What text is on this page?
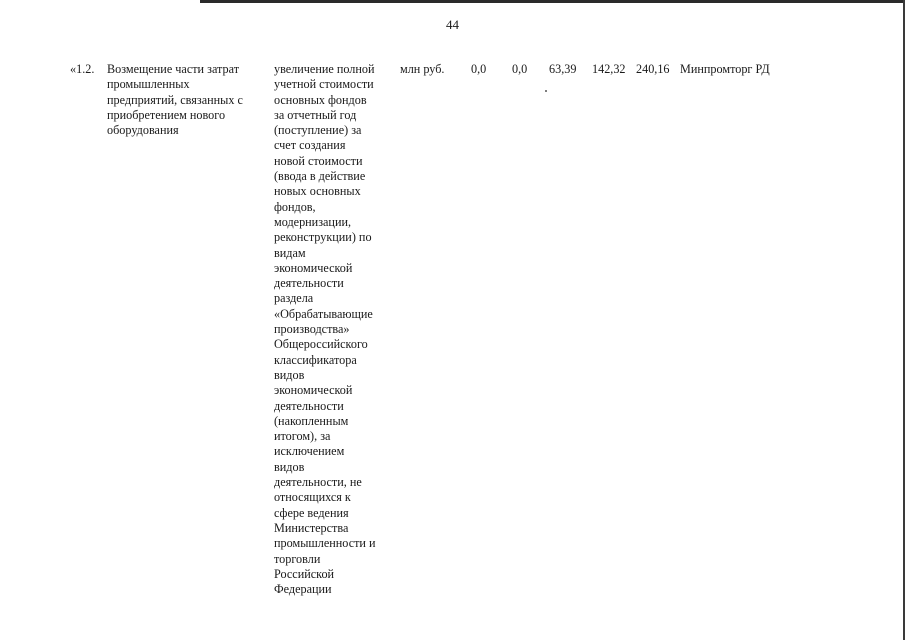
44
«1.2. Возмещение части затрат
промышленных
предприятий, связанных с
приобретением нового
оборудования
увеличение полной
учетной стоимости
основных фондов
за отчетный год
(поступление) за
счет создания
новой стоимости
(ввода в действие
новых основных
фондов,
модернизации,
реконструкции) по
видам
экономической
деятельности
раздела
«Обрабатывающие
производства»
Общероссийского
классификатора
видов
экономической
деятельности
(накопленным
итогом), за
исключением
видов
деятельности, не
относящихся к
сфере ведения
Министерства
промышленности и
торговли
Российской
Федерации
млн руб. 0,0 0,0 63,39 142,32 240,16 Минпромторг РД
